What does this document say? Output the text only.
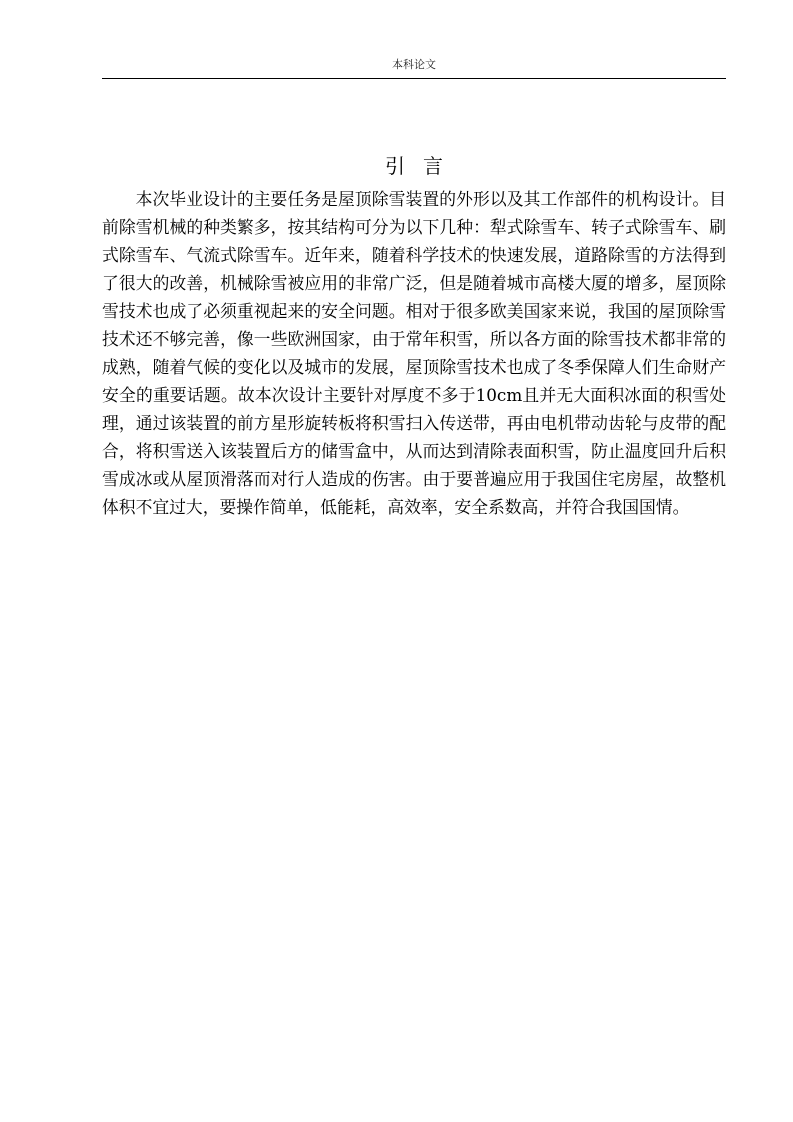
本科论文
引言

本次毕业设计的主要任务是屋顶除雪装置的外形以及其工作部件的机构设计。目前除雪机械的种类繁多，按其结构可分为以下几种：犁式除雪车、转子式除雪车、刷式除雪车、气流式除雪车。近年来，随着科学技术的快速发展，道路除雪的方法得到了很大的改善，机械除雪被应用的非常广泛，但是随着城市高楼大厦的增多，屋顶除雪技术也成了必须重视起来的安全问题。相对于很多欧美国家来说，我国的屋顶除雪技术还不够完善，像一些欧洲国家，由于常年积雪，所以各方面的除雪技术都非常的成熟，随着气候的变化以及城市的发展，屋顶除雪技术也成了冬季保障人们生命财产安全的重要话题。故本次设计主要针对厚度不多于10cm且并无大面积冰面的积雪处理，通过该装置的前方星形旋转板将积雪扫入传送带，再由电机带动齿轮与皮带的配合，将积雪送入该装置后方的储雪盒中，从而达到清除表面积雪，防止温度回升后积雪成冰或从屋顶滑落而对行人造成的伤害。由于要普遍应用于我国住宅房屋，故整机体积不宜过大，要操作简单，低能耗，高效率，安全系数高，并符合我国国情。
